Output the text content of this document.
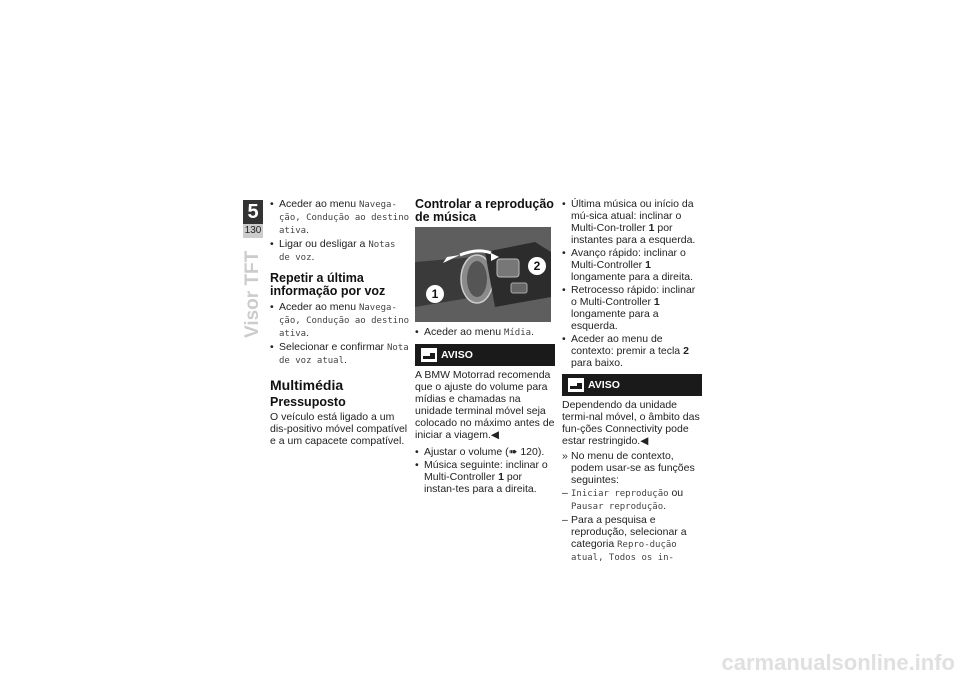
5
130
Visor TFT
• Aceder ao menu Navega-ção, Condução ao destino ativa.
• Ligar ou desligar a Notas de voz.
Repetir a última informação por voz
• Aceder ao menu Navega-ção, Condução ao destino ativa.
• Selecionar e confirmar Nota de voz atual.
Multimédia
Pressuposto

O veículo está ligado a um dis-positivo móvel compatível e a um capacete compatível.

Controlar a reprodução de música
1
2
• Aceder ao menu Mídia.
AVISO

A BMW Motorrad recomenda que o ajuste do volume para mídias e chamadas na unidade terminal móvel seja colocado no máximo antes de iniciar a viagem.◀

• Ajustar o volume (➠ 120).
• Música seguinte: inclinar o Multi-Controller 1 por instan-tes para a direita.
• Última música ou início da mú-sica atual: inclinar o Multi-Con-troller 1 por instantes para a esquerda.
• Avanço rápido: inclinar o Multi-Controller 1 longamente para a direita.
• Retrocesso rápido: inclinar o Multi-Controller 1 longamente para a esquerda.
• Aceder ao menu de contexto: premir a tecla 2 para baixo.
AVISO

Dependendo da unidade termi-nal móvel, o âmbito das fun-ções Connectivity pode estar restringido.◀

» No menu de contexto, podem usar-se as funções seguintes:
– Iniciar reprodução ou Pausar reprodução.
– Para a pesquisa e reprodução, selecionar a categoria Repro-dução atual, Todos os in-
carmanualsonline.info
